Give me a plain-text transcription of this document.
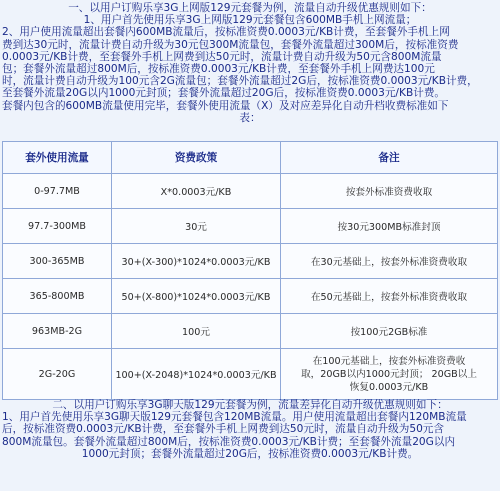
一、以用户订购乐享3G上网版129元套餐为例，流量自动升级优惠规则如下：
1、用户首先使用乐享3G上网版129元套餐包含600MB手机上网流量；
2、用户使用流量超出套餐内600MB流量后，按标准资费0.0003元/KB计费，至套餐外手机上网
费到达30元时，流量计费自动升级为30元包300M流量包，套餐外流量超过300M后，按标准资费
0.0003元/KB计费，至套餐外手机上网费到达50元时，流量计费自动升级为50元含800M流量
包；套餐外流量超过800M后，按标准资费0.0003元/KB计费，至套餐外手机上网费达100元
时，流量计费自动升级为100元含2G流量包；套餐外流量超过2G后，按标准资费0.0003元/KB计费，
至套餐外流量20G以内1000元封顶；套餐外流量超过20G后，按标准资费0.0003元/KB计费。
套餐内包含的600MB流量使用完毕，套餐外使用流量（X）及对应差异化自动升档收费标准如下
表：
套外使用流量	资费政策	备注
0-97.7MB	X*0.0003元/KB	按套外标准资费收取
97.7-300MB	30元	按30元300MB标准封顶
300-365MB	30+(X-300)*1024*0.0003元/KB	在30元基础上，按套外标准资费收取
365-800MB	50+(X-800)*1024*0.0003元/KB	在50元基础上，按套外标准资费收取
963MB-2G	100元	按100元2GB标准
2G-20G	100+(X-2048)*1024*0.0003元/KB	在100元基础上，按套外标准资费收
取，20GB以内1000元封顶； 20GB以上
恢复0.0003元/KB
二、以用户订购乐享3G聊天版129元套餐为例，流量差异化自动升级优惠规则如下：
1、用户首先使用乐享3G聊天版129元套餐包含120MB流量。用户使用流量超出套餐内120MB流量
后，按标准资费0.0003元/KB计费，至套餐外手机上网费到达50元时，流量自动升级为50元含
800M流量包。套餐外流量超过800M后，按标准资费0.0003元/KB计费；至套餐外流量20G以内
1000元封顶；套餐外流量超过20G后，按标准资费0.0003元/KB计费。
